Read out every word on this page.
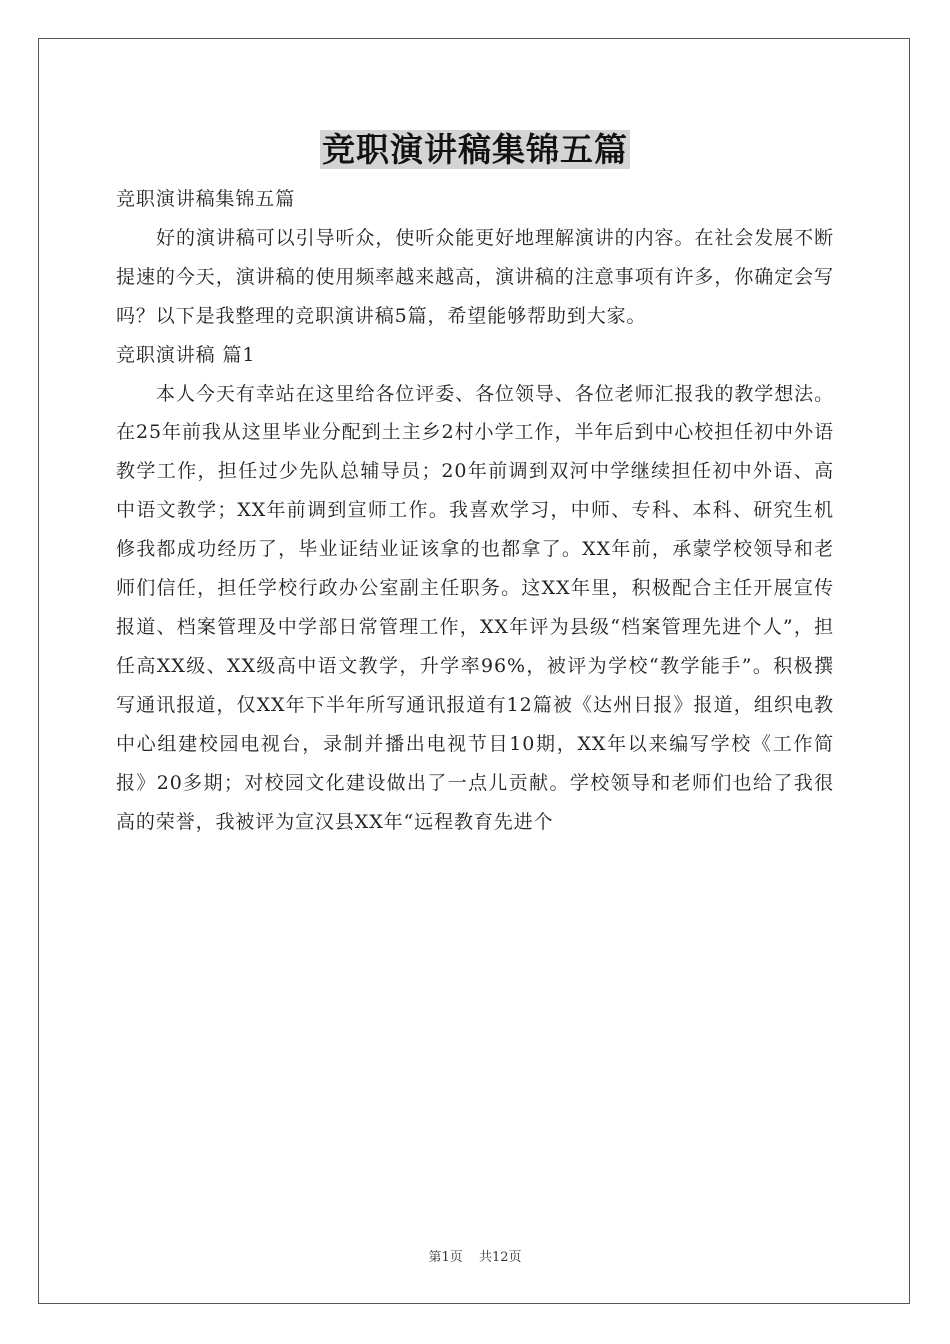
竞职演讲稿集锦五篇

竞职演讲稿集锦五篇

好的演讲稿可以引导听众，使听众能更好地理解演讲的内容。在社会发展不断提速的今天，演讲稿的使用频率越来越高，演讲稿的注意事项有许多，你确定会写吗？以下是我整理的竞职演讲稿5篇，希望能够帮助到大家。

竞职演讲稿 篇1

本人今天有幸站在这里给各位评委、各位领导、各位老师汇报我的教学想法。在25年前我从这里毕业分配到土主乡2村小学工作，半年后到中心校担任初中外语教学工作，担任过少先队总辅导员；20年前调到双河中学继续担任初中外语、高中语文教学；XX年前调到宣师工作。我喜欢学习，中师、专科、本科、研究生机修我都成功经历了，毕业证结业证该拿的也都拿了。XX年前，承蒙学校领导和老师们信任，担任学校行政办公室副主任职务。这XX年里，积极配合主任开展宣传报道、档案管理及中学部日常管理工作，XX年评为县级“档案管理先进个人”，担任高XX级、XX级高中语文教学，升学率96%，被评为学校“教学能手”。积极撰写通讯报道，仅XX年下半年所写通讯报道有12篇被《达州日报》报道，组织电教中心组建校园电视台，录制并播出电视节目10期，XX年以来编写学校《工作简报》20多期；对校园文化建设做出了一点儿贡献。学校领导和老师们也给了我很高的荣誉，我被评为宣汉县XX年“远程教育先进个

第1页 共12页
